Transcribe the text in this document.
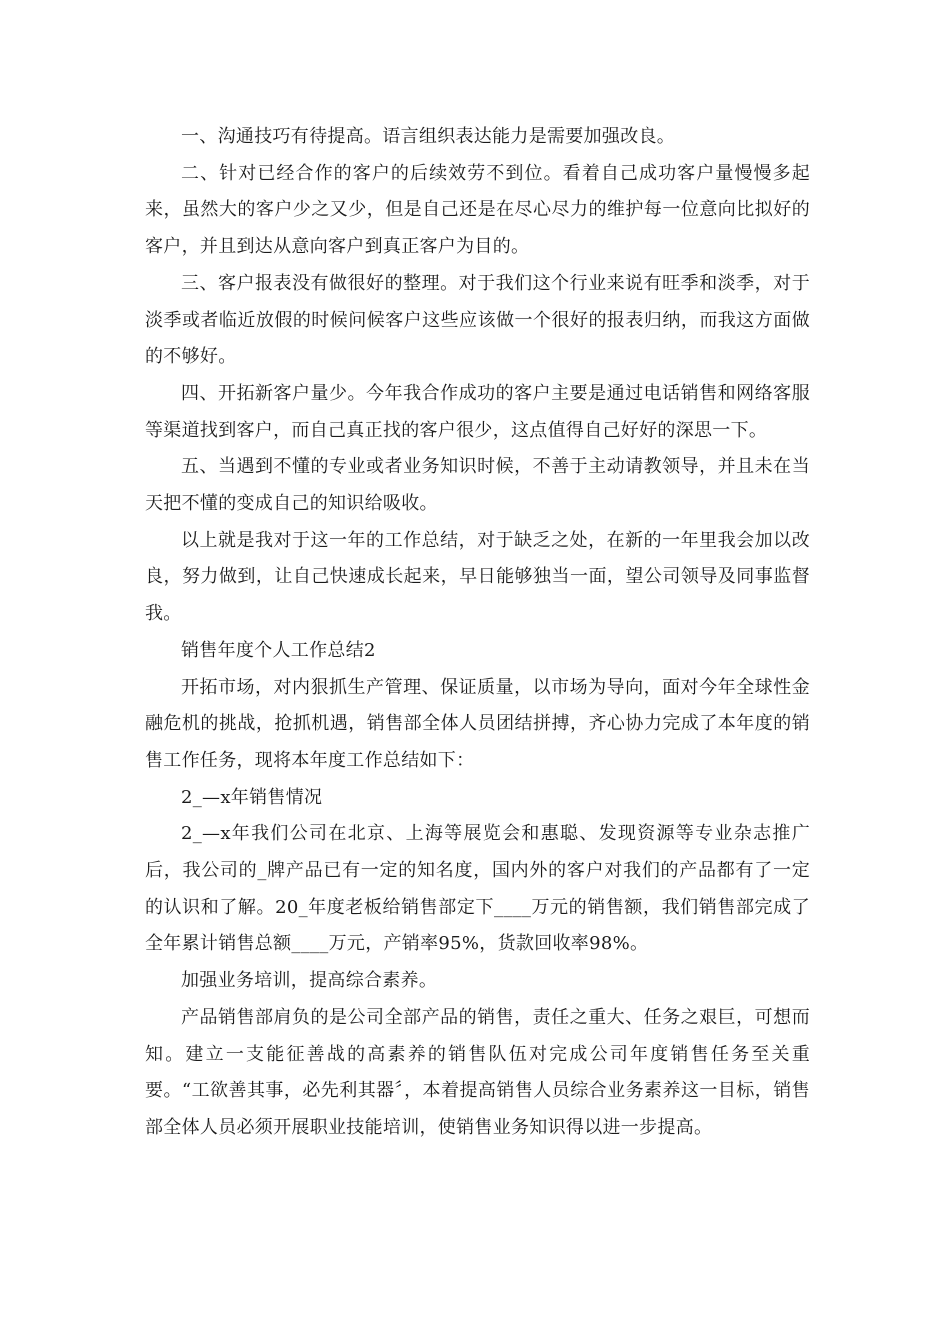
一、沟通技巧有待提高。语言组织表达能力是需要加强改良。

二、针对已经合作的客户的后续效劳不到位。看着自己成功客户量慢慢多起来，虽然大的客户少之又少，但是自己还是在尽心尽力的维护每一位意向比拟好的客户，并且到达从意向客户到真正客户为目的。

三、客户报表没有做很好的整理。对于我们这个行业来说有旺季和淡季，对于淡季或者临近放假的时候问候客户这些应该做一个很好的报表归纳，而我这方面做的不够好。

四、开拓新客户量少。今年我合作成功的客户主要是通过电话销售和网络客服等渠道找到客户，而自己真正找的客户很少，这点值得自己好好的深思一下。

五、当遇到不懂的专业或者业务知识时候，不善于主动请教领导，并且未在当天把不懂的变成自己的知识给吸收。

以上就是我对于这一年的工作总结，对于缺乏之处，在新的一年里我会加以改良，努力做到，让自己快速成长起来，早日能够独当一面，望公司领导及同事监督我。

销售年度个人工作总结2

开拓市场，对内狠抓生产管理、保证质量，以市场为导向，面对今年全球性金融危机的挑战，抢抓机遇，销售部全体人员团结拼搏，齐心协力完成了本年度的销售工作任务，现将本年度工作总结如下：

2_—x年销售情况

2_—x年我们公司在北京、上海等展览会和惠聪、发现资源等专业杂志推广后，我公司的_牌产品已有一定的知名度，国内外的客户对我们的产品都有了一定的认识和了解。20_年度老板给销售部定下____万元的销售额，我们销售部完成了全年累计销售总额____万元，产销率95%，货款回收率98%。

加强业务培训，提高综合素养。

产品销售部肩负的是公司全部产品的销售，责任之重大、任务之艰巨，可想而知。建立一支能征善战的高素养的销售队伍对完成公司年度销售任务至关重要。“工欲善其事，必先利其器〞，本着提高销售人员综合业务素养这一目标，销售部全体人员必须开展职业技能培训，使销售业务知识得以进一步提高。
